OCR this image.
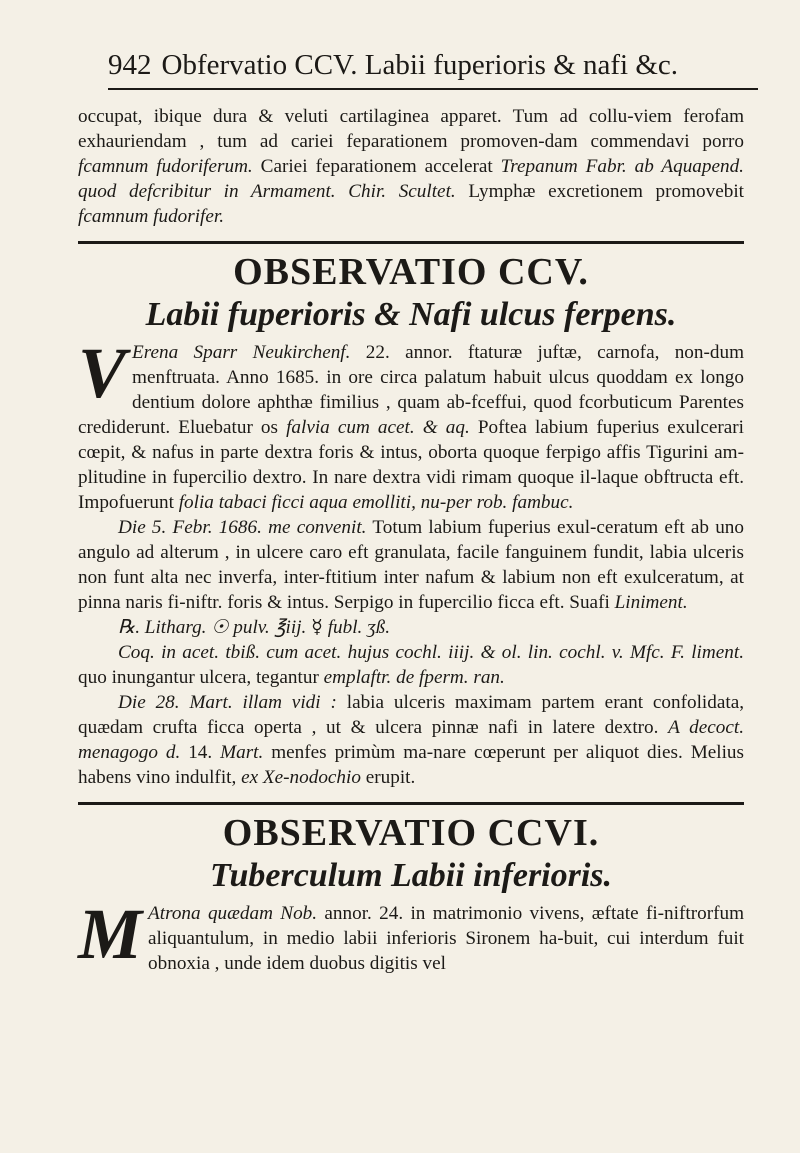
942 Obfervatio CCV. Labii fuperioris & nafi &c.

occupat, ibique dura & veluti cartilaginea apparet. Tum ad collu-viem ferofam exhauriendam , tum ad cariei feparationem promoven-dam commendavi porro fcamnum fudoriferum. Cariei feparationem accelerat Trepanum Fabr. ab Aquapend. quod defcribitur in Armament. Chir. Scultet. Lymphæ excretionem promovebit fcamnum fudorifer.

OBSERVATIO CCV.
Labii fuperioris & Nafi ulcus ferpens.

V Erena Sparr Neukirchenf. 22. annor. ftaturæ juftæ, carnofa, non-dum menftruata. Anno 1685. in ore circa palatum habuit ulcus quoddam ex longo dentium dolore aphthæ fimilius , quam ab-fceffui, quod fcorbuticum Parentes crediderunt. Eluebatur os falvia cum acet. & aq. Poftea labium fuperius exulcerari cœpit, & nafus in parte dextra foris & intus, oborta quoque ferpigo affis Tigurini am-plitudine in fupercilio dextro. In nare dextra vidi rimam quoque il-laque obftructa eft. Impofuerunt folia tabaci ficci aqua emolliti, nu-per rob. fambuc.

Die 5. Febr. 1686. me convenit. Totum labium fuperius exul-ceratum eft ab uno angulo ad alterum , in ulcere caro eft granulata, facile fanguinem fundit, labia ulceris non funt alta nec inverfa, inter-ftitium inter nafum & labium non eft exulceratum, at pinna naris fi-niftr. foris & intus. Serpigo in fupercilio ficca eft. Suafi Liniment.

℞. Litharg. ☉ pulv. ℥iij. ☿ fubl. ʒß.

Coq. in acet. tbiß. cum acet. hujus cochl. iiij. & ol. lin. cochl. v. Mfc. F. liment. quo inungantur ulcera, tegantur emplaftr. de fperm. ran.

Die 28. Mart. illam vidi : labia ulceris maximam partem erant confolidata, quædam crufta ficca operta , ut & ulcera pinnæ nafi in latere dextro. A decoct. menagogo d. 14. Mart. menfes primùm ma-nare cœperunt per aliquot dies. Melius habens vino indulfit, ex Xe-nodochio erupit.

OBSERVATIO CCVI.
Tuberculum Labii inferioris.

M Atrona quædam Nob. annor. 24. in matrimonio vivens, æftate fi-niftrorfum aliquantulum, in medio labii inferioris Sironem ha-buit, cui interdum fuit obnoxia , unde idem duobus digitis vel
